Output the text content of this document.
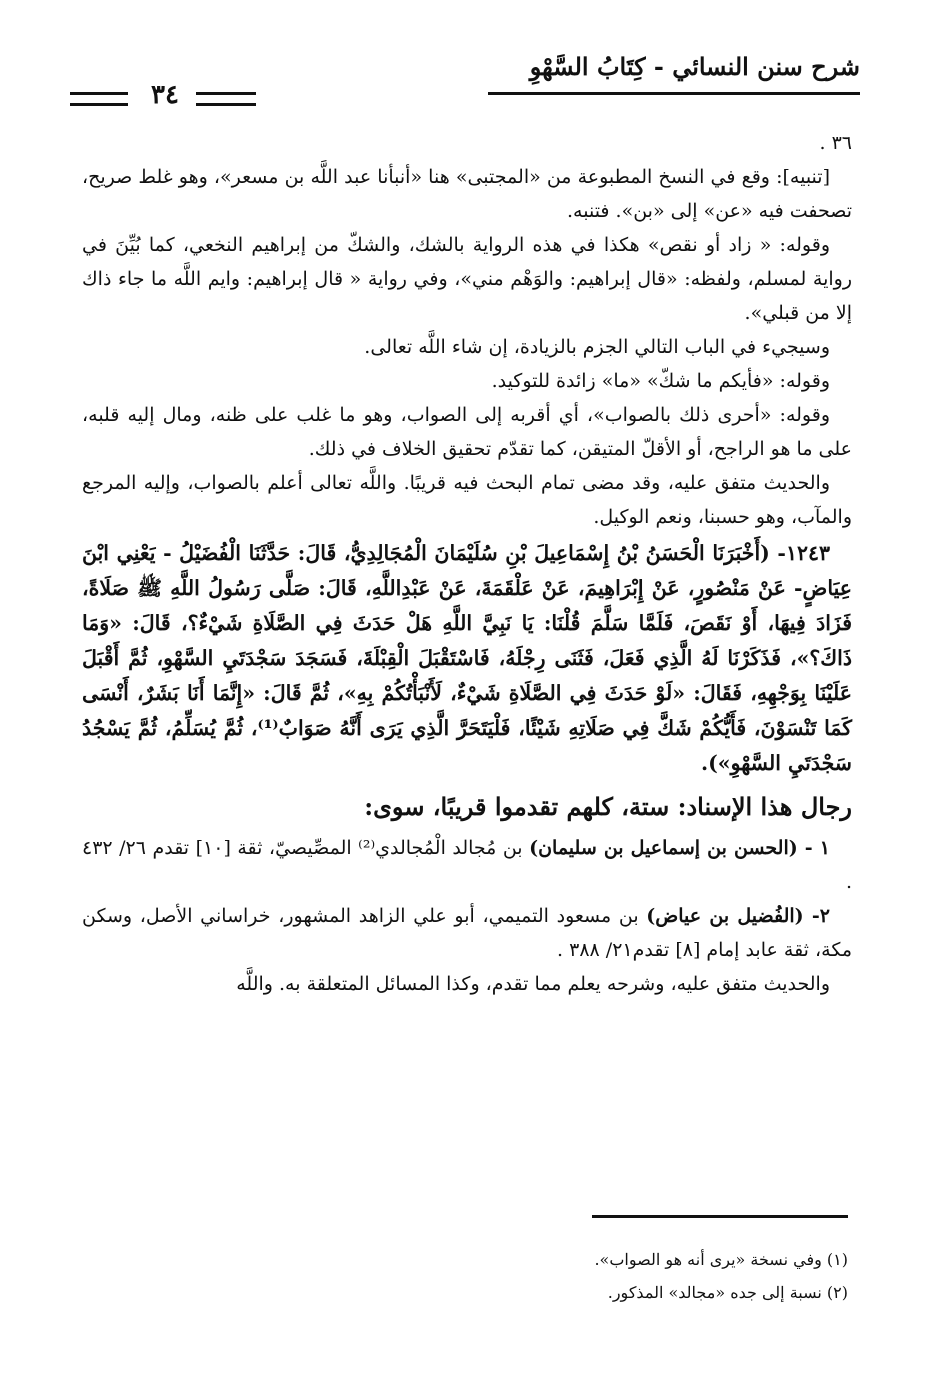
شرح سنن النسائي - كِتَابُ السَّهْوِ
٣٤

٣٦ .

[تنبيه]: وقع في النسخ المطبوعة من «المجتبى» هنا «أنبأنا عبد اللَّه بن مسعر»، وهو غلط صريح، تصحفت فيه «عن» إلى «بن». فتنبه.

وقوله: « زاد أو نقص» هكذا في هذه الرواية بالشك، والشكّ من إبراهيم النخعي، كما بُيِّنَ في رواية لمسلم، ولفظه: «قال إبراهيم: والوَهْم مني»، وفي رواية « قال إبراهيم: وايم اللَّه ما جاء ذاك إلا من قبلي».

وسيجيء في الباب التالي الجزم بالزيادة، إن شاء اللَّه تعالى.

وقوله: «فأيكم ما شكّ» «ما» زائدة للتوكيد.

وقوله: «أحرى ذلك بالصواب»، أي أقربه إلى الصواب، وهو ما غلب على ظنه، ومال إليه قلبه، على ما هو الراجح، أو الأقلّ المتيقن، كما تقدّم تحقيق الخلاف في ذلك.

والحديث متفق عليه، وقد مضى تمام البحث فيه قريبًا. واللَّه تعالى أعلم بالصواب، وإليه المرجع والمآب، وهو حسبنا، ونعم الوكيل.

١٢٤٣- (أَخْبَرَنَا الْحَسَنُ بْنُ إِسْمَاعِيلَ بْنِ سُلَيْمَانَ الْمُجَالِدِيُّ، قَالَ: حَدَّثَنَا الْفُضَيْلُ - يَعْنِي ابْنَ عِيَاضٍ- عَنْ مَنْصُورٍ، عَنْ إِبْرَاهِيمَ، عَنْ عَلْقَمَةَ، عَنْ عَبْدِاللَّهِ، قَالَ: صَلَّى رَسُولُ اللَّهِ ﷺ صَلَاةً، فَزَادَ فِيهَا، أَوْ نَقَصَ، فَلَمَّا سَلَّمَ قُلْنَا: يَا نَبِيَّ اللَّهِ هَلْ حَدَثَ فِي الصَّلَاةِ شَيْءٌ؟، قَالَ: «وَمَا ذَاكَ؟»، فَذَكَرْنَا لَهُ الَّذِي فَعَلَ، فَثَنَى رِجْلَهُ، فَاسْتَقْبَلَ الْقِبْلَةَ، فَسَجَدَ سَجْدَتَيِ السَّهْوِ، ثُمَّ أَقْبَلَ عَلَيْنَا بِوَجْهِهِ، فَقَالَ: «لَوْ حَدَثَ فِي الصَّلَاةِ شَيْءٌ، لَأَنْبَأْتُكُمْ بِهِ»، ثُمَّ قَالَ: «إِنَّمَا أَنَا بَشَرٌ، أَنْسَى كَمَا تَنْسَوْنَ، فَأَيُّكُمْ شَكَّ فِي صَلَاتِهِ شَيْئًا، فَلْيَتَحَرَّ الَّذِي يَرَى أَنَّهُ صَوَابٌ⁽¹⁾، ثُمَّ يُسَلِّمُ، ثُمَّ يَسْجُدُ سَجْدَتَيِ السَّهْوِ»).

رجال هذا الإسناد: ستة، كلهم تقدموا قريبًا، سوى:

١ - (الحسن بن إسماعيل بن سليمان) بن مُجالد الْمُجالدي⁽²⁾ المصِّيصيّ، ثقة [١٠] تقدم ٢٦/ ٤٣٢ .

٢- (الفُضيل بن عياض) بن مسعود التميمي، أبو علي الزاهد المشهور، خراساني الأصل، وسكن مكة، ثقة عابد إمام [٨] تقدم٢١/ ٣٨٨ .

والحديث متفق عليه، وشرحه يعلم مما تقدم، وكذا المسائل المتعلقة به. واللَّه

(١) وفي نسخة «يرى أنه هو الصواب».

(٢) نسبة إلى جده «مجالد» المذكور.
